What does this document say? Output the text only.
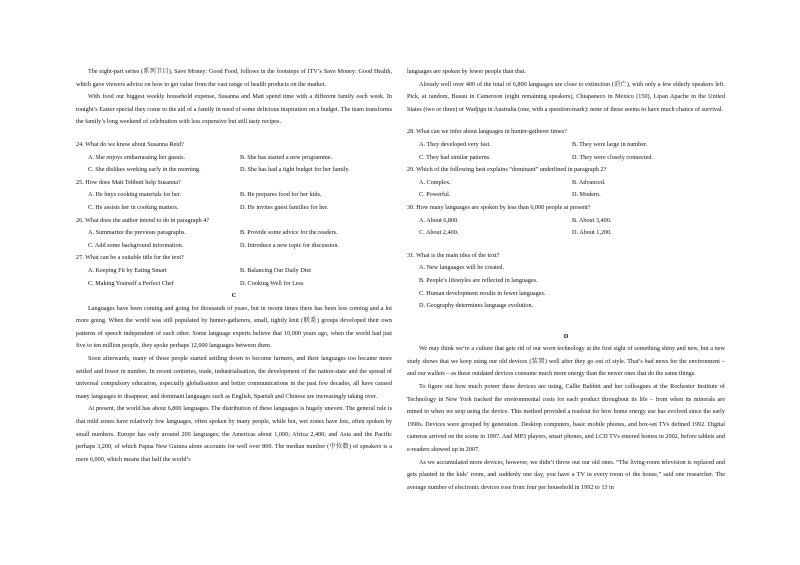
The eight-part series (系列节目), Save Money: Good Food, follows in the footsteps of ITV’s Save Money: Good Health, which gave viewers advice on how to get value from the vast range of health products on the market.

With food our biggest weekly household expense, Susanna and Matt spend time with a different family each week. In tonight’s Easter special they come to the aid of a family in need of some delicious inspiration on a budget. The team transforms the family’s long weekend of celebration with less expensive but still tasty recipes.

24. What do we know about Susanna Reid?
A. She enjoys embarrassing her guests.	B. She has started a new programme.
C. She dislikes working early in the morning.	D. She has had a tight budget for her family.
25. How does Matt Tebbutt help Susanna?
A. He buys cooking materials for her.	B. He prepares food for her kids.
C. He assists her in cooking matters.	D. He invites guest families for her.
26. What does the author intend to do in paragraph 4?
A. Summarize the previous paragraphs.	B. Provide some advice for the readers.
C. Add some background information.	D. Introduce a new topic for discussion.
27. What can be a suitable title for the text?
A. Keeping Fit by Eating Smart	B. Balancing Our Daily Diet
C. Making Yourself a Perfect Chef	D. Cooking Well for Less
C

Languages have been coming and going for thousands of years, but in recent times there has been less coming and a lot more going. When the world was still populated by hunter-gatherers, small, tightly knit (联系) groups developed their own patterns of speech independent of each other. Some language experts believe that 10,000 years ago, when the world had just five to ten million people, they spoke perhaps 12,000 languages between them.

Soon afterwards, many of those people started settling down to become farmers, and their languages too became more settled and fewer in number. In recent centuries, trade, industrialisation, the development of the nation-state and the spread of universal compulsory education, especially globalisation and better communications in the past few decades, all have caused many languages to disappear, and dominant languages such as English, Spanish and Chinese are increasingly taking over.

At present, the world has about 6,800 languages. The distribution of these languages is hugely uneven. The general rule is that mild zones have relatively few languages, often spoken by many people, while hot, wet zones have lots, often spoken by small numbers. Europe has only around 200 languages; the Americas about 1,000; Africa 2,400; and Asia and the Pacific perhaps 3,200, of which Papua New Guinea alone accounts for well over 800. The median number (中位数) of speakers is a mere 6,000, which means that half the world’s

languages are spoken by fewer people than that.

Already well over 400 of the total of 6,800 languages are close to extinction (消亡), with only a few elderly speakers left. Pick, at random, Busuu in Cameroon (eight remaining speakers), Chiapaneco in Mexico (150), Lipan Apache in the United States (two or three) or Wadjigu in Australia (one, with a question-mark): none of these seems to have much chance of survival.

28. What can we infer about languages in hunter-gatherer times?
A. They developed very fast.	B. They were large in number.
C. They had similar patterns.	D. They were closely connected.
29. Which of the following best explains “dominant” underlined in paragraph 2?
A. Complex.	B. Advanced.
C. Powerful.	D. Modern.
30. How many languages are spoken by less than 6,000 people at present?
A. About 6,800.	B. About 3,400.
C. About 2,400.	D. About 1,200.
31. What is the main idea of the text?
A. New languages will be created.
B. People’s lifestyles are reflected in languages.
C. Human development results in fewer languages.
D. Geography determines language evolution.
D

We may think we’re a culture that gets rid of our worn technology at the first sight of something shiny and new, but a new study shows that we keep using our old devices (装置) well after they go out of style. That’s bad news for the environment – and our wallets – as these outdated devices consume much more energy than the newer ones that do the same things.

To figure out how much power these devices are using, Callie Babbitt and her colleagues at the Rochester Institute of Technology in New York tracked the environmental costs for each product throughout its life – from when its minerals are mined to when we stop using the device. This method provided a readout for how home energy use has evolved since the early 1990s. Devices were grouped by generation. Desktop computers, basic mobile phones, and box-set TVs defined 1992. Digital cameras arrived on the scene in 1997. And MP3 players, smart phones, and LCD TVs entered homes in 2002, before tablets and e-readers showed up in 2007.

As we accumulated more devices, however, we didn’t throw out our old ones. “The living-room television is replaced and gets planted in the kids’ room, and suddenly one day, you have a TV in every room of the house,” said one researcher. The average number of electronic devices rose from four per household in 1992 to 13 in
